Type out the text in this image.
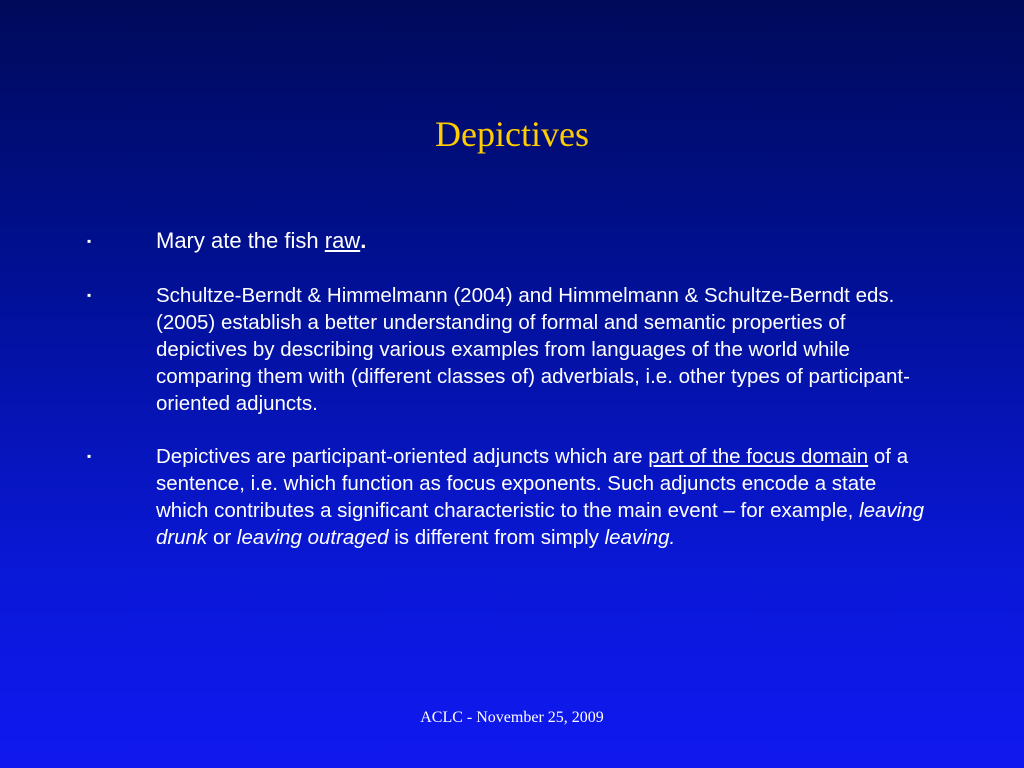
Depictives
▪	Mary ate the fish raw.
▪	Schultze-Berndt & Himmelmann (2004) and Himmelmann & Schultze-Berndt eds. (2005) establish a better understanding of formal and semantic properties of depictives by describing various examples from languages of the world while comparing them with (different classes of) adverbials, i.e. other types of participant-oriented adjuncts.
▪	Depictives are participant-oriented adjuncts which are part of the focus domain of a sentence, i.e. which function as focus exponents. Such adjuncts encode a state which contributes a significant characteristic to the main event – for example, leaving drunk or leaving outraged is different from simply leaving.
ACLC - November 25, 2009
